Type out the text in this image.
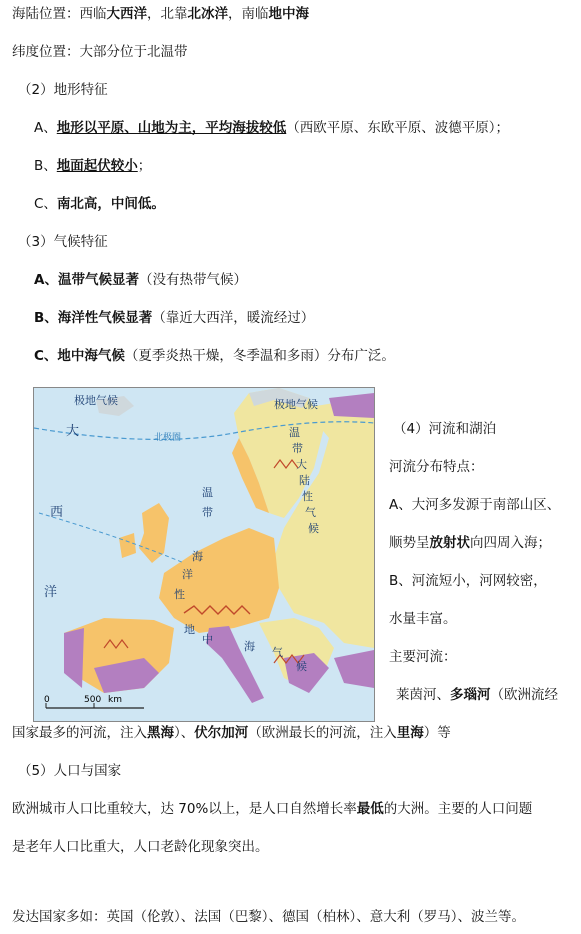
海陆位置：西临大西洋，北靠北冰洋，南临地中海
纬度位置：大部分位于北温带
（2）地形特征
A、地形以平原、山地为主，平均海拔较低（西欧平原、东欧平原、波德平原）；
B、地面起伏较小；
C、南北高，中间低。
（3）气候特征
A、温带气候显著（没有热带气候）
B、海洋性气候显著（靠近大西洋，暖流经过）
C、地中海气候（夏季炎热干燥，冬季温和多雨）分布广泛。
极地气候	极地气候
北极圈
大
西
洋
温
带
海
洋
性
温
带
大
陆
性
气
候
地
中
海 气
候
0	500 km
（4）河流和湖泊
河流分布特点：
A、大河多发源于南部山区、
顺势呈放射状向四周入海；
B、河流短小，河网较密，
水量丰富。
主要河流：
莱茵河、多瑙河（欧洲流经
国家最多的河流，注入黑海）、伏尔加河（欧洲最长的河流，注入里海）等
（5）人口与国家
欧洲城市人口比重较大，达 70%以上，是人口自然增长率最低的大洲。主要的人口问题
是老年人口比重大，人口老龄化现象突出。
发达国家多如：英国（伦敦）、法国（巴黎）、德国（柏林）、意大利（罗马）、波兰等。
